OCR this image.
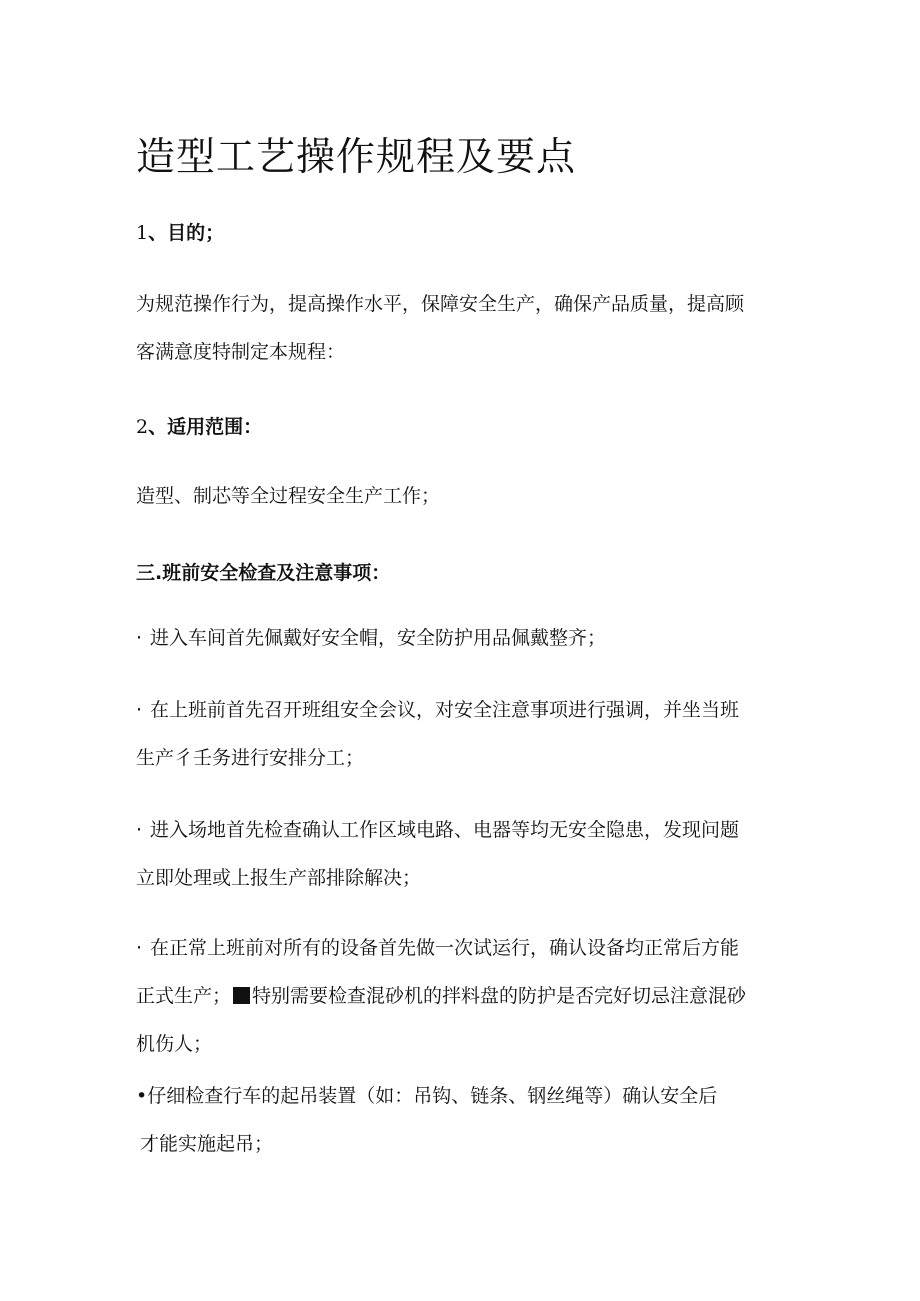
造型工艺操作规程及要点
1、目的；
为规范操作行为，提高操作水平，保障安全生产，确保产品质量，提高顾
客满意度特制定本规程：
2、适用范围：
造型、制芯等全过程安全生产工作；
三.班前安全检查及注意事项：
· 进入车间首先佩戴好安全帽，安全防护用品佩戴整齐；
· 在上班前首先召开班组安全会议，对安全注意事项进行强调，并坐当班
生产彳壬务进行安排分工；
· 进入场地首先检查确认工作区域电路、电器等均无安全隐患，发现问题
立即处理或上报生产部排除解决；
· 在正常上班前对所有的设备首先做一次试运行，确认设备均正常后方能
正式生产； 特别需要检查混砂机的拌料盘的防护是否完好切忌注意混砂
机伤人；
•仔细检查行车的起吊装置（如：吊钩、链条、钢丝绳等）确认安全后
才能实施起吊；
